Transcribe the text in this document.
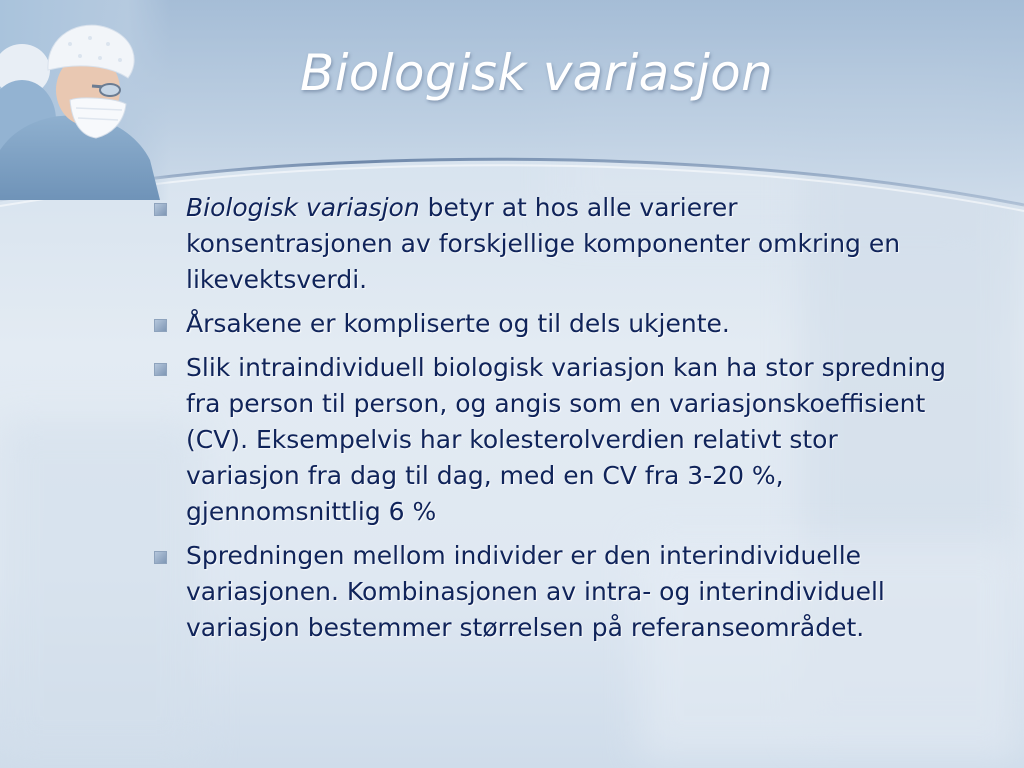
Biologisk variasjon
Biologisk variasjon betyr at hos alle varierer konsentrasjonen av forskjellige komponenter omkring en likevektsverdi.
Årsakene er kompliserte og til dels ukjente.
Slik intraindividuell biologisk variasjon kan ha stor spredning fra person til person, og angis som en variasjonskoeffisient (CV). Eksempelvis har kolesterolverdien relativt stor variasjon fra dag til dag, med en CV fra 3-20 %, gjennomsnittlig 6 %
Spredningen mellom individer er den interindividuelle variasjonen. Kombinasjonen av intra- og interindividuell variasjon bestemmer størrelsen på referanseområdet.
